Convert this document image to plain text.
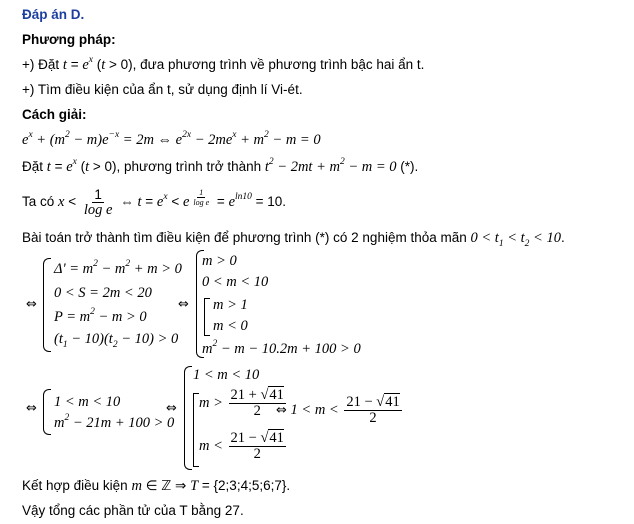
Đáp án D.
Phương pháp:
+) Đặt $t = e^x$ (t > 0), đưa phương trình về phương trình bậc hai ẩn t.
+) Tìm điều kiện của ẩn t, sử dụng định lí Vi-ét.
Cách giải:
$e^x + (m^2 - m)e^{-x} = 2m$ ⇔ $e^{2x} - 2me^x + m^2 - m = 0$
Đặt $t = e^x$ (t > 0), phương trình trở thành $t^2 - 2mt + m^2 - m = 0$ (*).
Ta có $x < \frac{1}{\text{log e}}$ ⇔ $t = e^x < e$ $^{\frac{1}{\text{log e}}} = e^{ln10} = 10$.
Bài toán trở thành tìm điều kiện để phương trình (*) có 2 nghiệm thỏa mãn $0 < t_1 < t_2 < 10$.
⇔
$\Delta' = m^2 - m^2 + m > 0$
0 < S = 2m < 20
$P = m^2 - m > 0$
$(t_1 - 10)(t_2 - 10) > 0$
⇔
m > 0
0 < m < 10
m > 1
m < 0
$m^2 - m - 10.2m + 100 > 0$
⇔ 1 < m < 10
$m^2 - 21m + 100 > 0$
⇔
1 < m < 10
$m > \frac{21 + √41}{2}$
$m < \frac{21 - √41}{2}$
⇔ $1 < m < \frac{21 - √41}{2}$
Kết hợp điều kiện m ∈ ℤ ⇒ T = {2;3;4;5;6;7}.
Vậy tổng các phần tử của T bằng 27.
